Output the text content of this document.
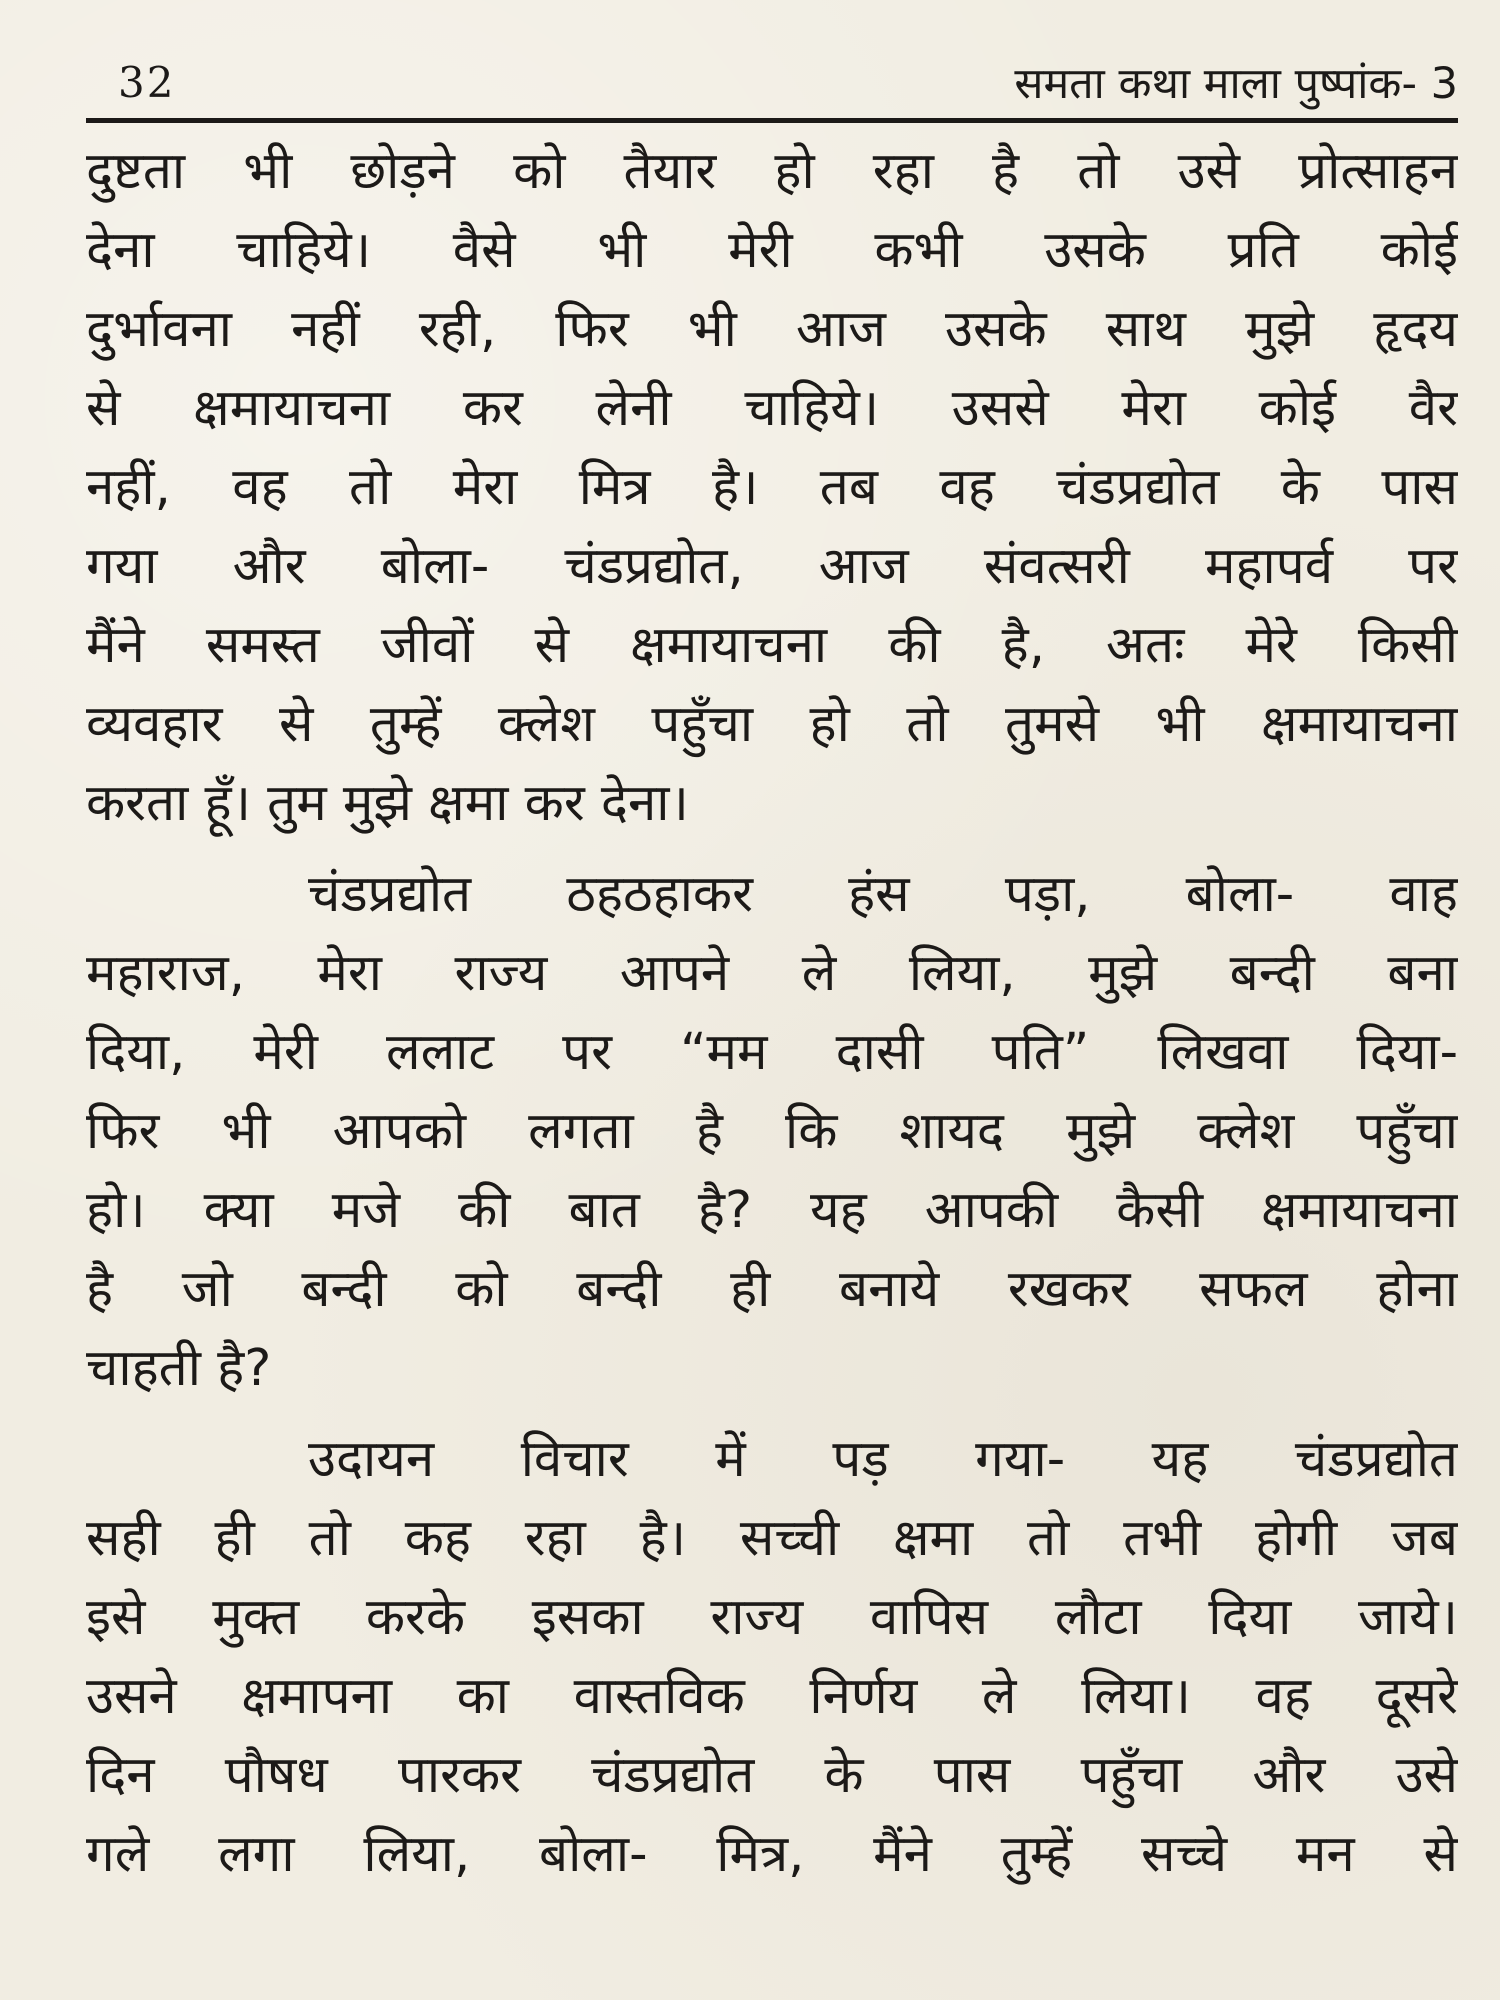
32	समता कथा माला पुष्पांक- 3
दुष्टता भी छोड़ने को तैयार हो रहा है तो उसे प्रोत्साहन
देना चाहिये। वैसे भी मेरी कभी उसके प्रति कोई
दुर्भावना नहीं रही, फिर भी आज उसके साथ मुझे हृदय
से क्षमायाचना कर लेनी चाहिये। उससे मेरा कोई वैर
नहीं, वह तो मेरा मित्र है। तब वह चंडप्रद्योत के पास
गया और बोला- चंडप्रद्योत, आज संवत्सरी महापर्व पर
मैंने समस्त जीवों से क्षमायाचना की है, अतः मेरे किसी
व्यवहार से तुम्हें क्लेश पहुँचा हो तो तुमसे भी क्षमायाचना
करता हूँ। तुम मुझे क्षमा कर देना।
चंडप्रद्योत ठहठहाकर हंस पड़ा, बोला- वाह
महाराज, मेरा राज्य आपने ले लिया, मुझे बन्दी बना
दिया, मेरी ललाट पर “मम दासी पति” लिखवा दिया-
फिर भी आपको लगता है कि शायद मुझे क्लेश पहुँचा
हो। क्या मजे की बात है? यह आपकी कैसी क्षमायाचना
है जो बन्दी को बन्दी ही बनाये रखकर सफल होना
चाहती है?
उदायन विचार में पड़ गया- यह चंडप्रद्योत
सही ही तो कह रहा है। सच्ची क्षमा तो तभी होगी जब
इसे मुक्त करके इसका राज्य वापिस लौटा दिया जाये।
उसने क्षमापना का वास्तविक निर्णय ले लिया। वह दूसरे
दिन पौषध पारकर चंडप्रद्योत के पास पहुँचा और उसे
गले लगा लिया, बोला- मित्र, मैंने तुम्हें सच्चे मन से
